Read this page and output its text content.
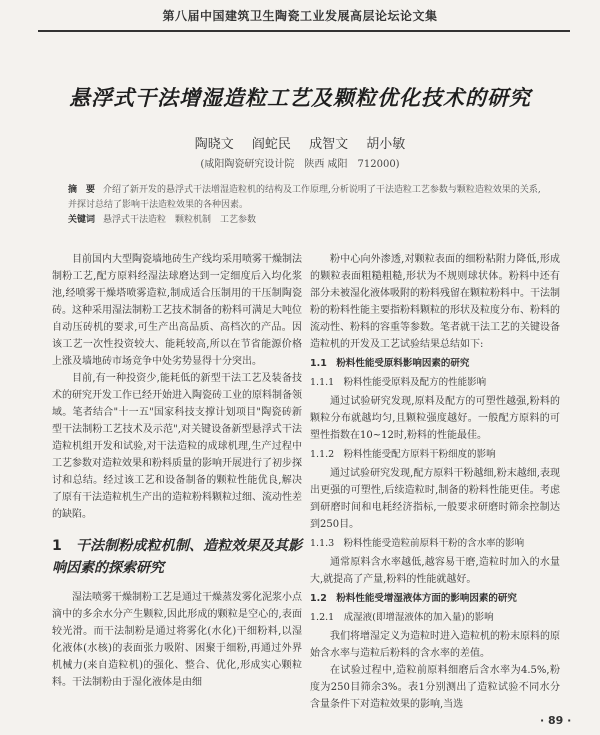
第八届中国建筑卫生陶瓷工业发展高层论坛论文集
悬浮式干法增湿造粒工艺及颗粒优化技术的研究
陶晓文 阎蛇民 成智文 胡小敏
(咸阳陶瓷研究设计院　陕西 咸阳　712000)
摘　要 介绍了新开发的悬浮式干法增湿造粒机的结构及工作原理,分析说明了干法造粒工艺参数与颗粒造粒效果的关系,并探讨总结了影响干法造粒效果的各种因素。
关键词 悬浮式干法造粒　颗粒机制　工艺参数

目前国内大型陶瓷墙地砖生产线均采用喷雾干燥制法制粉工艺,配方原料经湿法球磨达到一定细度后入均化浆池,经喷雾干燥塔喷雾造粒,制成适合压制用的干压制陶瓷砖。这种采用湿法制粉工艺技术制备的粉料可满足大吨位自动压砖机的要求,可生产出高品质、高档次的产品。因该工艺一次性投资较大、能耗较高,所以在节省能源价格上涨及墙地砖市场竞争中处劣势显得十分突出。

目前,有一种投资少,能耗低的新型干法工艺及装备技术的研究开发工作已经开始进入陶瓷砖工业的原料制备领域。笔者结合"十一五"国家科技支撑计划项目"陶瓷砖新型干法制粉工艺技术及示范",对关键设备新型悬浮式干法造粒机组开发和试验,对干法造粒的成球机理,生产过程中工艺参数对造粒效果和粉料质量的影响开展进行了初步探讨和总结。经过该工艺和设备制备的颗粒性能优良,解决了原有干法造粒机生产出的造粒粉料颗粒过细、流动性差的缺陷。

1 干法制粉成粒机制、造粒效果及其影响因素的探索研究

湿法喷雾干燥制粉工艺是通过干燥蒸发雾化泥浆小点滴中的多余水分产生颗粒,因此形成的颗粒是空心的,表面较光滑。而干法制粉是通过将雾化(水化)干细粉料,以湿化液体(水核)的表面张力吸附、困聚于细粉,再通过外界机械力(来自造粒机)的强化、整合、优化,形成实心颗粒料。干法制粉由于湿化液体是由细

粉中心向外渗透,对颗粒表面的细粉粘附力降低,形成的颗粒表面粗糙粗糙,形状为不规则球状体。粉料中还有部分未被湿化液体吸附的粉料残留在颗粒粉料中。干法制粉的粉料性能主要指粉料颗粒的形状及粒度分布、粉料的流动性、粉料的容重等参数。笔者就干法工艺的关键设备造粒机的开发及工艺试验结果总结如下:

1.1　粉料性能受原料影响因素的研究
1.1.1　粉料性能受原料及配方的性能影响

通过试验研究发现,原料及配方的可塑性越强,粉料的颗粒分布就越均匀,且颗粒强度越好。一般配方原料的可塑性指数在10~12时,粉料的性能最佳。

1.1.2　粉料性能受配方原料干粉细度的影响

通过试验研究发现,配方原料干粉越细,粉末越细,表现出更强的可塑性,后续造粒时,制备的粉料性能更佳。考虑到研磨时间和电耗经济指标,一般要求研磨时筛余控制达到250目。

1.1.3　粉料性能受造粒前原料干粉的含水率的影响

通常原料含水率越低,越容易干磨,造粒时加入的水量大,就提高了产量,粉料的性能就越好。

1.2　粉料性能受增湿液体方面的影响因素的研究
1.2.1　成湿液(即增湿液体的加入量)的影响

我们将增湿定义为造粒时进入造粒机的粉末原料的原始含水率与造粒后粉料的含水率的差值。

在试验过程中,造粒前原料细磨后含水率为4.5%,粉度为250目筛余3%。表1分别测出了造粒试验不同水分含量条件下对造粒效果的影响,当选

· 89 ·
